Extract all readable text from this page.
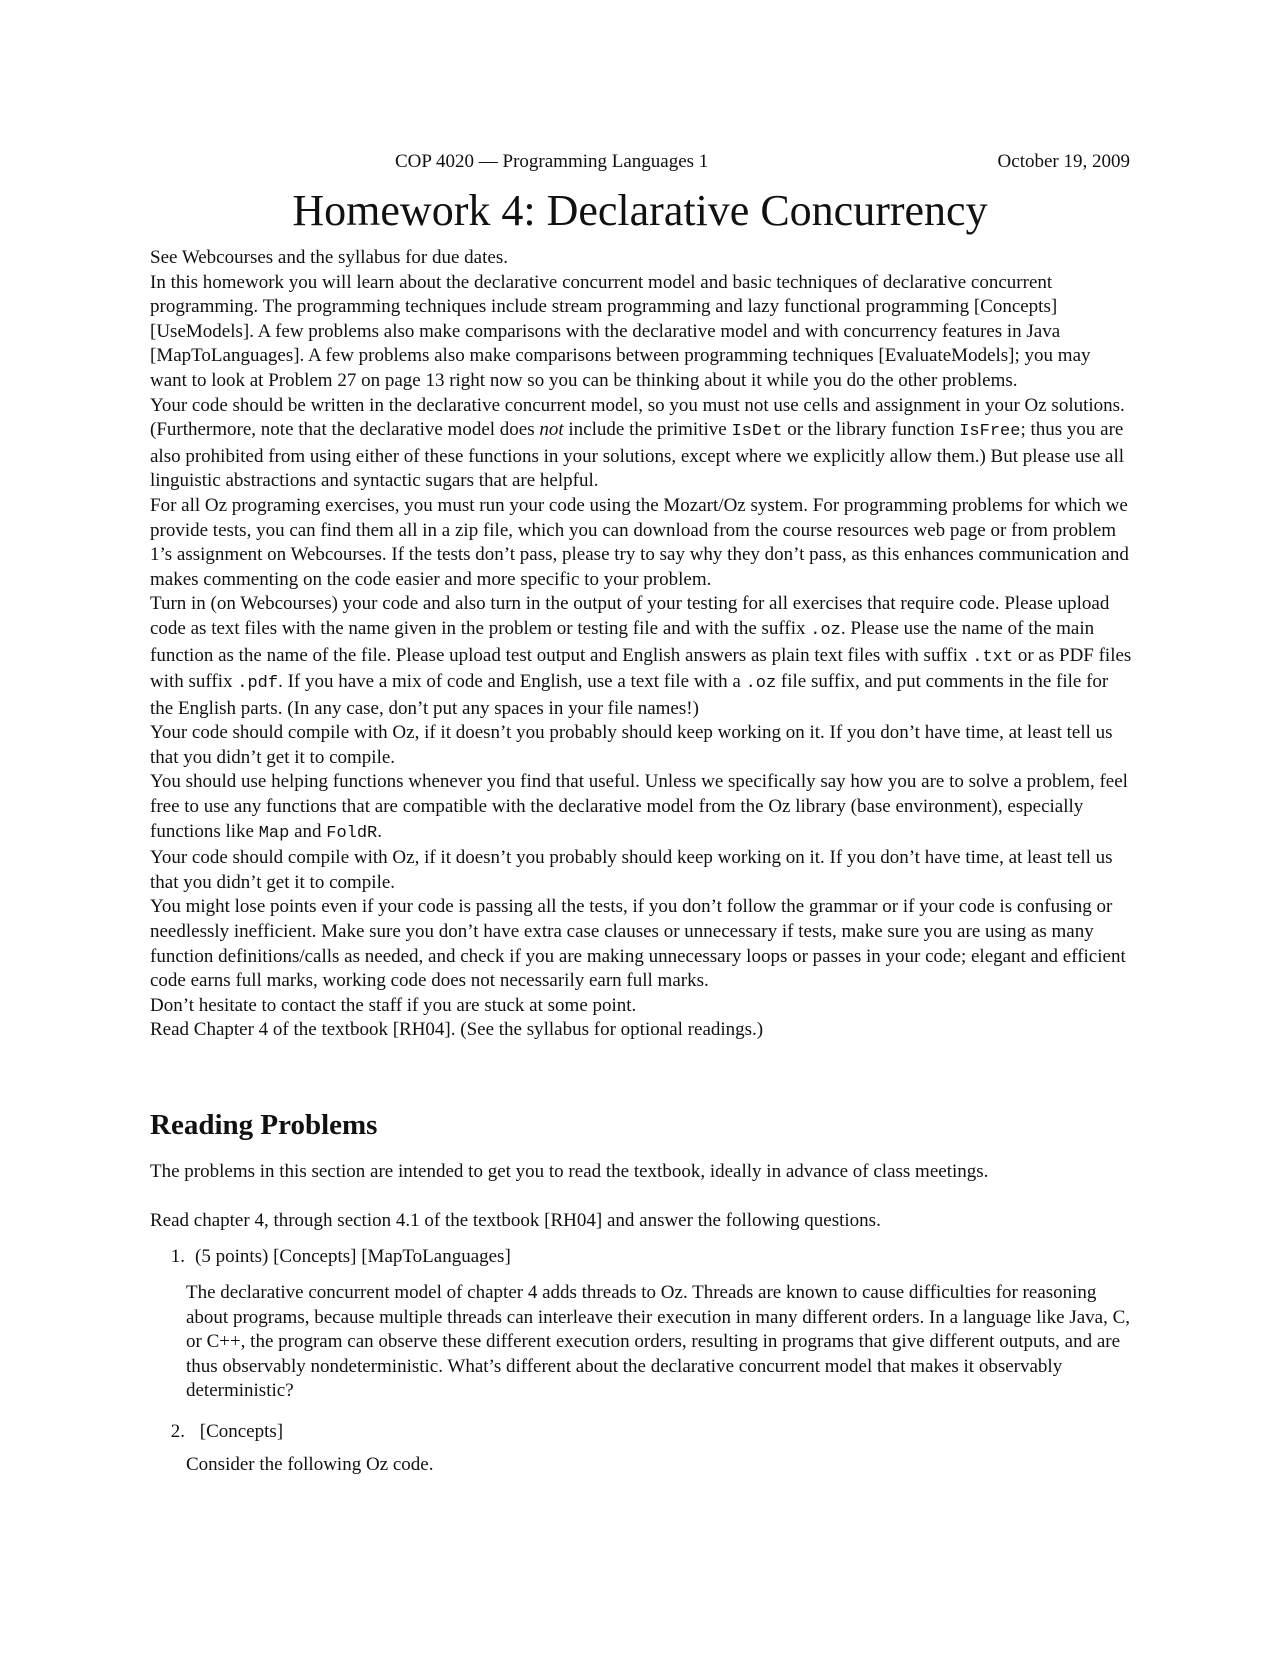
COP 4020 — Programming Languages 1	October 19, 2009
Homework 4: Declarative Concurrency

See Webcourses and the syllabus for due dates.

In this homework you will learn about the declarative concurrent model and basic techniques of declarative concurrent programming. The programming techniques include stream programming and lazy functional programming [Concepts] [UseModels]. A few problems also make comparisons with the declarative model and with concurrency features in Java [MapToLanguages]. A few problems also make comparisons between programming techniques [EvaluateModels]; you may want to look at Problem 27 on page 13 right now so you can be thinking about it while you do the other problems.

Your code should be written in the declarative concurrent model, so you must not use cells and assignment in your Oz solutions. (Furthermore, note that the declarative model does not include the primitive IsDet or the library function IsFree; thus you are also prohibited from using either of these functions in your solutions, except where we explicitly allow them.) But please use all linguistic abstractions and syntactic sugars that are helpful.

For all Oz programing exercises, you must run your code using the Mozart/Oz system. For programming problems for which we provide tests, you can find them all in a zip file, which you can download from the course resources web page or from problem 1’s assignment on Webcourses. If the tests don’t pass, please try to say why they don’t pass, as this enhances communication and makes commenting on the code easier and more specific to your problem.

Turn in (on Webcourses) your code and also turn in the output of your testing for all exercises that require code. Please upload code as text files with the name given in the problem or testing file and with the suffix .oz. Please use the name of the main function as the name of the file. Please upload test output and English answers as plain text files with suffix .txt or as PDF files with suffix .pdf. If you have a mix of code and English, use a text file with a .oz file suffix, and put comments in the file for the English parts. (In any case, don’t put any spaces in your file names!)

Your code should compile with Oz, if it doesn’t you probably should keep working on it. If you don’t have time, at least tell us that you didn’t get it to compile.

You should use helping functions whenever you find that useful. Unless we specifically say how you are to solve a problem, feel free to use any functions that are compatible with the declarative model from the Oz library (base environment), especially functions like Map and FoldR.

Your code should compile with Oz, if it doesn’t you probably should keep working on it. If you don’t have time, at least tell us that you didn’t get it to compile.

You might lose points even if your code is passing all the tests, if you don’t follow the grammar or if your code is confusing or needlessly inefficient. Make sure you don’t have extra case clauses or unnecessary if tests, make sure you are using as many function definitions/calls as needed, and check if you are making unnecessary loops or passes in your code; elegant and efficient code earns full marks, working code does not necessarily earn full marks.

Don’t hesitate to contact the staff if you are stuck at some point.

Read Chapter 4 of the textbook [RH04]. (See the syllabus for optional readings.)

Reading Problems

The problems in this section are intended to get you to read the textbook, ideally in advance of class meetings.

Read chapter 4, through section 4.1 of the textbook [RH04] and answer the following questions.

1. (5 points) [Concepts] [MapToLanguages]

The declarative concurrent model of chapter 4 adds threads to Oz. Threads are known to cause difficulties for reasoning about programs, because multiple threads can interleave their execution in many different orders. In a language like Java, C, or C++, the program can observe these different execution orders, resulting in programs that give different outputs, and are thus observably nondeterministic. What’s different about the declarative concurrent model that makes it observably deterministic?

2. [Concepts]

Consider the following Oz code.
